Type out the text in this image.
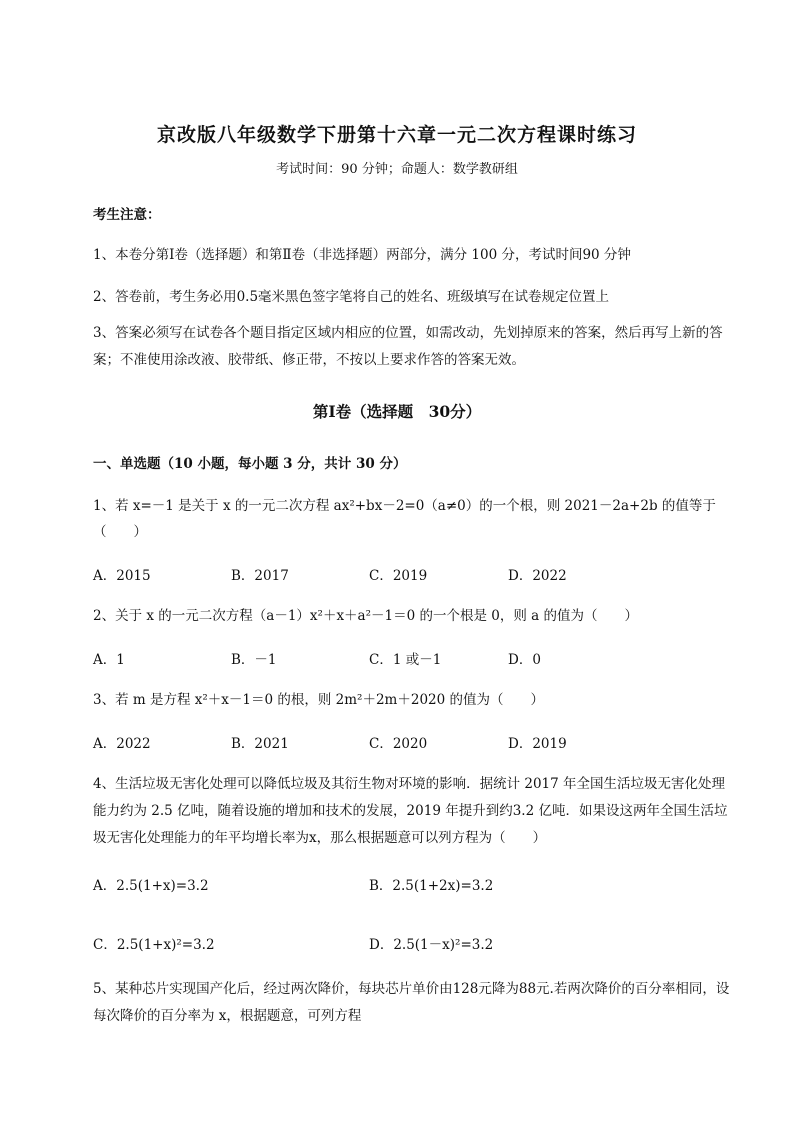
京改版八年级数学下册第十六章一元二次方程课时练习
考试时间：90 分钟；命题人：数学教研组
考生注意：
1、本卷分第Ⅰ卷（选择题）和第Ⅱ卷（非选择题）两部分，满分 100 分，考试时间90 分钟
2、答卷前，考生务必用0.5毫米黑色签字笔将自己的姓名、班级填写在试卷规定位置上
3、答案必须写在试卷各个题目指定区域内相应的位置，如需改动，先划掉原来的答案，然后再写上新的答案；不准使用涂改液、胶带纸、修正带，不按以上要求作答的答案无效。
第Ⅰ卷（选择题　30分）
一、单选题（10 小题，每小题 3 分，共计 30 分）
1、若 x=－1 是关于 x 的一元二次方程 ax²+bx－2=0（a≠0）的一个根，则 2021－2a+2b 的值等于
（　　）
A．2015	B．2017	C．2019	D．2022
2、关于 x 的一元二次方程（a－1）x²＋x＋a²－1＝0 的一个根是 0，则 a 的值为（　　）
A．1	B．－1	C．1 或－1	D．0
3、若 m 是方程 x²＋x－1＝0 的根，则 2m²＋2m＋2020 的值为（　　）
A．2022	B．2021	C．2020	D．2019
4、生活垃圾无害化处理可以降低垃圾及其衍生物对环境的影响．据统计 2017 年全国生活垃圾无害化处理能力约为 2.5 亿吨，随着设施的增加和技术的发展，2019 年提升到约3.2 亿吨．如果设这两年全国生活垃圾无害化处理能力的年平均增长率为x，那么根据题意可以列方程为（　　）
A．2.5(1+x)=3.2	B．2.5(1+2x)=3.2
C．2.5(1+x)²=3.2	D．2.5(1－x)²=3.2
5、某种芯片实现国产化后，经过两次降价，每块芯片单价由128元降为88元.若两次降价的百分率相同，设每次降价的百分率为 x，根据题意，可列方程
